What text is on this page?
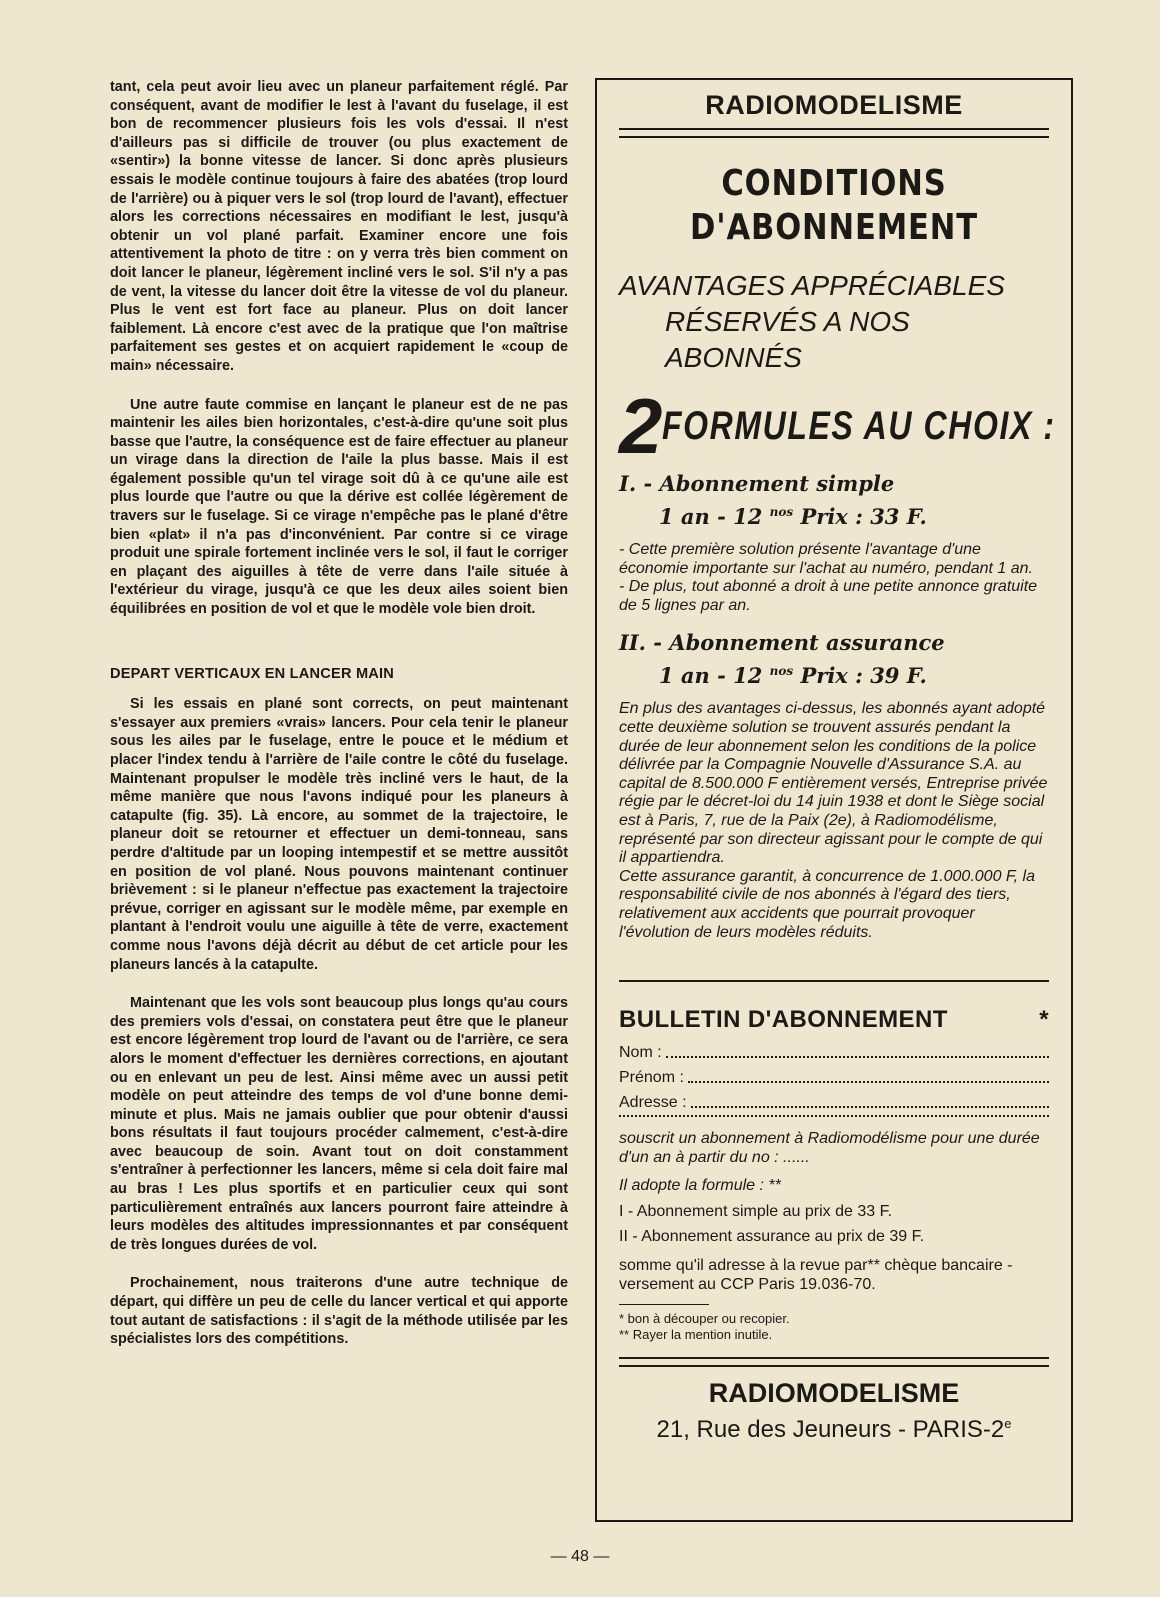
tant, cela peut avoir lieu avec un planeur parfaitement réglé. Par conséquent, avant de modifier le lest à l'avant du fuselage, il est bon de recommencer plusieurs fois les vols d'essai. Il n'est d'ailleurs pas si difficile de trouver (ou plus exactement de «sentir») la bonne vitesse de lancer. Si donc après plusieurs essais le modèle continue toujours à faire des abatées (trop lourd de l'arrière) ou à piquer vers le sol (trop lourd de l'avant), effectuer alors les corrections nécessaires en modifiant le lest, jusqu'à obtenir un vol plané parfait. Examiner encore une fois attentivement la photo de titre : on y verra très bien comment on doit lancer le planeur, légèrement incliné vers le sol. S'il n'y a pas de vent, la vitesse du lancer doit être la vitesse de vol du planeur. Plus le vent est fort face au planeur. Plus on doit lancer faiblement. Là encore c'est avec de la pratique que l'on maîtrise parfaitement ses gestes et on acquiert rapidement le «coup de main» nécessaire.

Une autre faute commise en lançant le planeur est de ne pas maintenir les ailes bien horizontales, c'est-à-dire qu'une soit plus basse que l'autre, la conséquence est de faire effectuer au planeur un virage dans la direction de l'aile la plus basse. Mais il est également possible qu'un tel virage soit dû à ce qu'une aile est plus lourde que l'autre ou que la dérive est collée légèrement de travers sur le fuselage. Si ce virage n'empêche pas le plané d'être bien «plat» il n'a pas d'inconvénient. Par contre si ce virage produit une spirale fortement inclinée vers le sol, il faut le corriger en plaçant des aiguilles à tête de verre dans l'aile située à l'extérieur du virage, jusqu'à ce que les deux ailes soient bien équilibrées en position de vol et que le modèle vole bien droit.

DEPART VERTICAUX EN LANCER MAIN

Si les essais en plané sont corrects, on peut maintenant s'essayer aux premiers «vrais» lancers. Pour cela tenir le planeur sous les ailes par le fuselage, entre le pouce et le médium et placer l'index tendu à l'arrière de l'aile contre le côté du fuselage. Maintenant propulser le modèle très incliné vers le haut, de la même manière que nous l'avons indiqué pour les planeurs à catapulte (fig. 35). Là encore, au sommet de la trajectoire, le planeur doit se retourner et effectuer un demi-tonneau, sans perdre d'altitude par un looping intempestif et se mettre aussitôt en position de vol plané. Nous pouvons maintenant continuer brièvement : si le planeur n'effectue pas exactement la trajectoire prévue, corriger en agissant sur le modèle même, par exemple en plantant à l'endroit voulu une aiguille à tête de verre, exactement comme nous l'avons déjà décrit au début de cet article pour les planeurs lancés à la catapulte.

Maintenant que les vols sont beaucoup plus longs qu'au cours des premiers vols d'essai, on constatera peut être que le planeur est encore légèrement trop lourd de l'avant ou de l'arrière, ce sera alors le moment d'effectuer les dernières corrections, en ajoutant ou en enlevant un peu de lest. Ainsi même avec un aussi petit modèle on peut atteindre des temps de vol d'une bonne demi-minute et plus. Mais ne jamais oublier que pour obtenir d'aussi bons résultats il faut toujours procéder calmement, c'est-à-dire avec beaucoup de soin. Avant tout on doit constamment s'entraîner à perfectionner les lancers, même si cela doit faire mal au bras ! Les plus sportifs et en particulier ceux qui sont particulièrement entraînés aux lancers pourront faire atteindre à leurs modèles des altitudes impressionnantes et par conséquent de très longues durées de vol.

Prochainement, nous traiterons d'une autre technique de départ, qui diffère un peu de celle du lancer vertical et qui apporte tout autant de satisfactions : il s'agit de la méthode utilisée par les spécialistes lors des compétitions.

RADIOMODELISME
CONDITIONS
D'ABONNEMENT
AVANTAGES APPRÉCIABLES
RÉSERVÉS A NOS ABONNÉS
2 FORMULES AU CHOIX :
I. - Abonnement simple
1 an - 12 $^{nos}$ Prix : 33 F.

- Cette première solution présente l'avantage d'une économie importante sur l'achat au numéro, pendant 1 an.

- De plus, tout abonné a droit à une petite annonce gratuite de 5 lignes par an.

II. - Abonnement assurance
1 an - 12 $^{nos}$ Prix : 39 F.

En plus des avantages ci-dessus, les abonnés ayant adopté cette deuxième solution se trouvent assurés pendant la durée de leur abonnement selon les conditions de la police délivrée par la Compagnie Nouvelle d'Assurance S.A. au capital de 8.500.000 F entièrement versés, Entreprise privée régie par le décret-loi du 14 juin 1938 et dont le Siège social est à Paris, 7, rue de la Paix (2e), à Radiomodélisme, représenté par son directeur agissant pour le compte de qui il appartiendra.

Cette assurance garantit, à concurrence de 1.000.000 F, la responsabilité civile de nos abonnés à l'égard des tiers, relativement aux accidents que pourrait provoquer l'évolution de leurs modèles réduits.

BULLETIN D'ABONNEMENT	*
Nom :
Prénom :
Adresse :
souscrit un abonnement à Radiomodélisme pour une durée d'un an à partir du no : ......
Il adopte la formule : **
I - Abonnement simple au prix de 33 F.
II - Abonnement assurance au prix de 39 F.
somme qu'il adresse à la revue par** chèque bancaire - versement au CCP Paris 19.036-70.
* bon à découper ou recopier.
** Rayer la mention inutile.
RADIOMODELISME
21, Rue des Jeuneurs - PARIS-2e
— 48 —
